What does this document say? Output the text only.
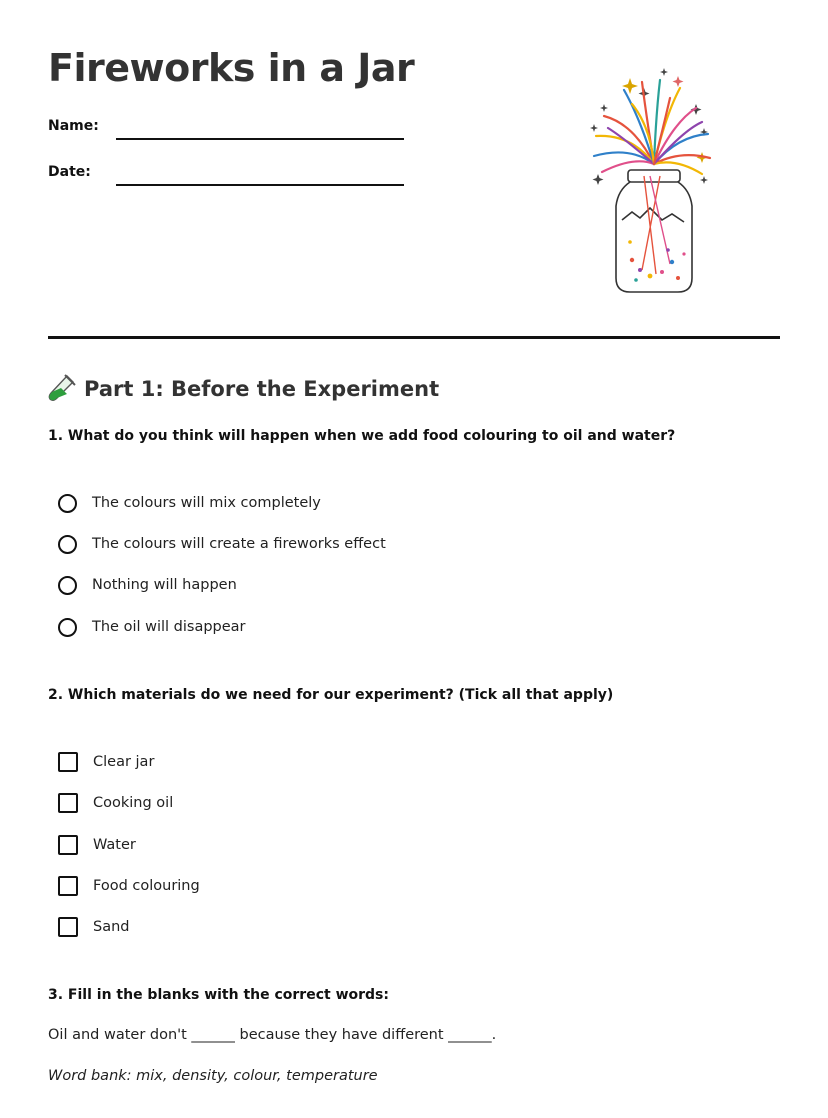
Fireworks in a Jar
Name:
Date:
Part 1: Before the Experiment
1. What do you think will happen when we add food colouring to oil and water?
The colours will mix completely
The colours will create a fireworks effect
Nothing will happen
The oil will disappear
2. Which materials do we need for our experiment? (Tick all that apply)
Clear jar
Cooking oil
Water
Food colouring
Sand
3. Fill in the blanks with the correct words:
Oil and water don't ______ because they have different ______.
Word bank: mix, density, colour, temperature
